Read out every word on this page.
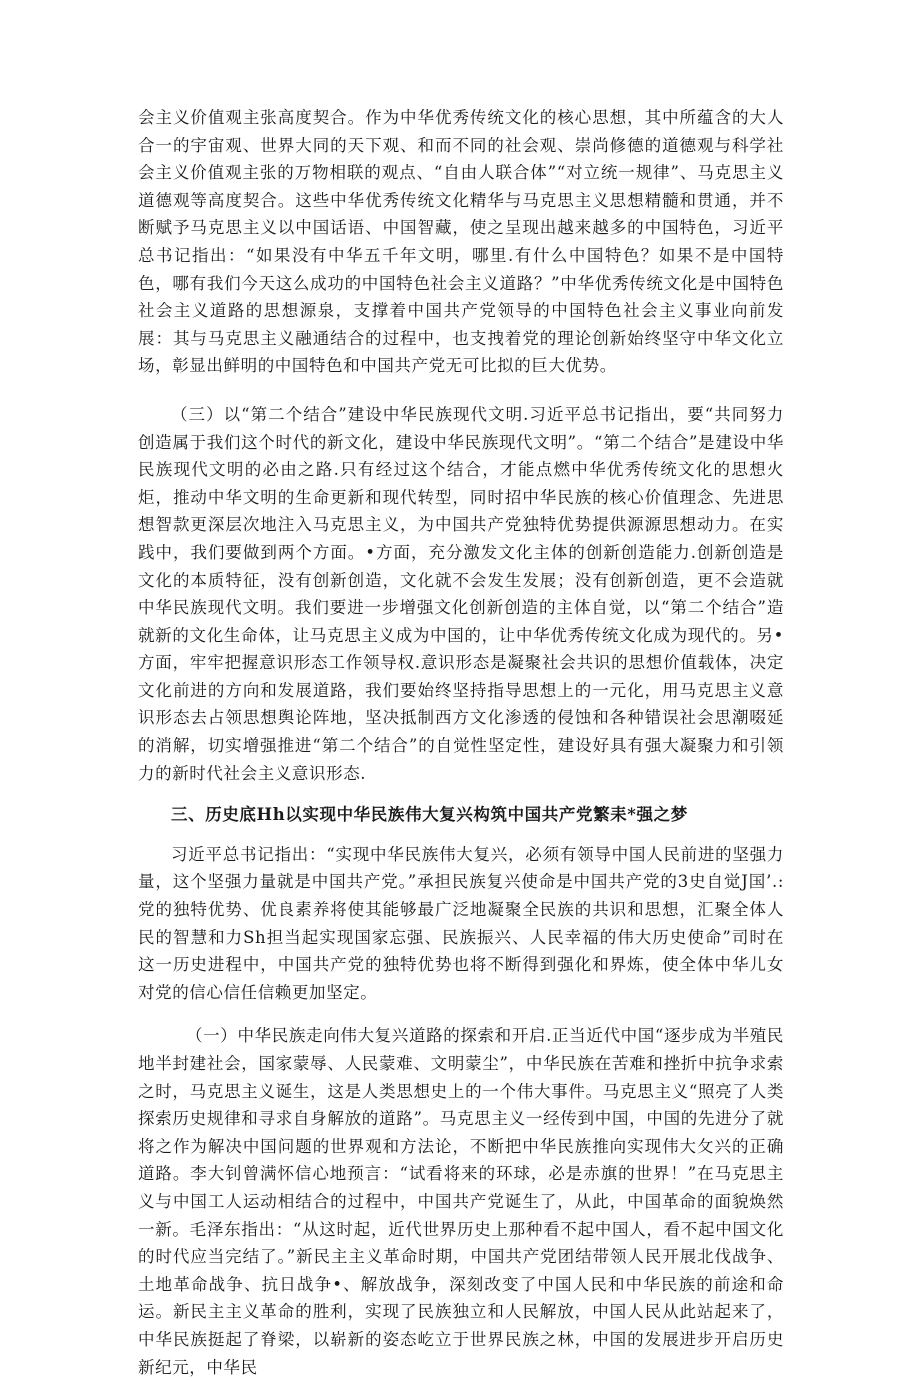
会主义价值观主张高度契合。作为中华优秀传统文化的核心思想，其中所蕴含的大人合一的宇宙观、世界大同的天下观、和而不同的社会观、崇尚修德的道德观与科学社会主义价值观主张的万物相联的观点、“自由人联合体”“对立统一规律”、马克思主义道德观等高度契合。这些中华优秀传统文化精华与马克思主义思想精髓和贯通，并不断赋予马克思主义以中国话语、中国智藏，使之呈现出越来越多的中国特色，习近平总书记指出：“如果没有中华五千年文明，哪里.有什么中国特色？如果不是中国特色，哪有我们今天这么成功的中国特色社会主义道路？”中华优秀传统文化是中国特色社会主义道路的思想源泉，支撑着中国共产党领导的中国特色社会主义事业向前发展：其与马克思主义融通结合的过程中，也支拽着党的理论创新始终坚守中华文化立场，彰显出鲜明的中国特色和中国共产党无可比拟的巨大优势。

（三）以“第二个结合”建设中华民族现代文明.习近平总书记指出，要“共同努力创造属于我们这个时代的新文化，建设中华民族现代文明”。“第二个结合”是建设中华民族现代文明的必由之路.只有经过这个结合，才能点燃中华优秀传统文化的思想火炬，推动中华文明的生命更新和现代转型，同时招中华民族的核心价值理念、先进思想智款更深层次地注入马克思主义，为中国共产党独特优势提供源源思想动力。在实践中，我们要做到两个方面。•方面，充分激发文化主体的创新创造能力.创新创造是文化的本质特征，没有创新创造，文化就不会发生发展；没有创新创造，更不会造就中华民族现代文明。我们要进一步增强文化创新创造的主体自觉，以“第二个结合”造就新的文化生命体，让马克思主义成为中国的，让中华优秀传统文化成为现代的。另•方面，牢牢把握意识形态工作领导权.意识形态是凝聚社会共识的思想价值载体，决定文化前进的方向和发展道路，我们要始终坚持指导思想上的一元化，用马克思主义意识形态去占领思想舆论阵地，坚决抵制西方文化渗透的侵蚀和各种错误社会思潮啜延的消解，切实增强推进“第二个结合”的自觉性坚定性，建设好具有强大凝聚力和引领力的新时代社会主义意识形态.

三、历史底Hh以实现中华民族伟大复兴构筑中国共产党繁耒*强之梦

习近平总书记指出：“实现中华民族伟大复兴，必须有领导中国人民前进的坚强力量，这个坚强力量就是中国共产党。”承担民族复兴使命是中国共产党的3史自觉J国’.:党的独特优势、优良素养将使其能够最广泛地凝聚全民族的共识和思想，汇聚全体人民的智慧和力Sh担当起实现国家忘强、民族振兴、人民幸福的伟大历史使命”司时在这一历史进程中，中国共产党的独特优势也将不断得到强化和界炼，使全体中华儿女对党的信心信任信赖更加坚定。

（一）中华民族走向伟大复兴道路的探索和开启.正当近代中国“逐步成为半殖民地半封建社会，国家蒙辱、人民蒙难、文明蒙尘”，中华民族在苦难和挫折中抗争求索之时，马克思主义诞生，这是人类思想史上的一个伟大事件。马克思主义“照亮了人类探索历史规律和寻求自身解放的道路”。马克思主义一经传到中国，中国的先进分了就将之作为解决中国问题的世界观和方法论，不断把中华民族推向实现伟大攵兴的正确道路。李大钊曾满怀信心地预言：“试看将来的环球，必是赤旗的世界！”在马克思主义与中国工人运动相结合的过程中，中国共产党诞生了，从此，中国革命的面貌焕然一新。毛泽东指出：“从这时起，近代世界历史上那种看不起中国人，看不起中国文化的时代应当完结了。”新民主主义革命时期，中国共产党团结带领人民开展北伐战争、土地革命战争、抗日战争•、解放战争，深刻改变了中国人民和中华民族的前途和命运。新民主主义革命的胜利，实现了民族独立和人民解放，中国人民从此站起来了，中华民族挺起了脊梁，以崭新的姿态屹立于世界民族之林，中国的发展进步开启历史新纪元，中华民
